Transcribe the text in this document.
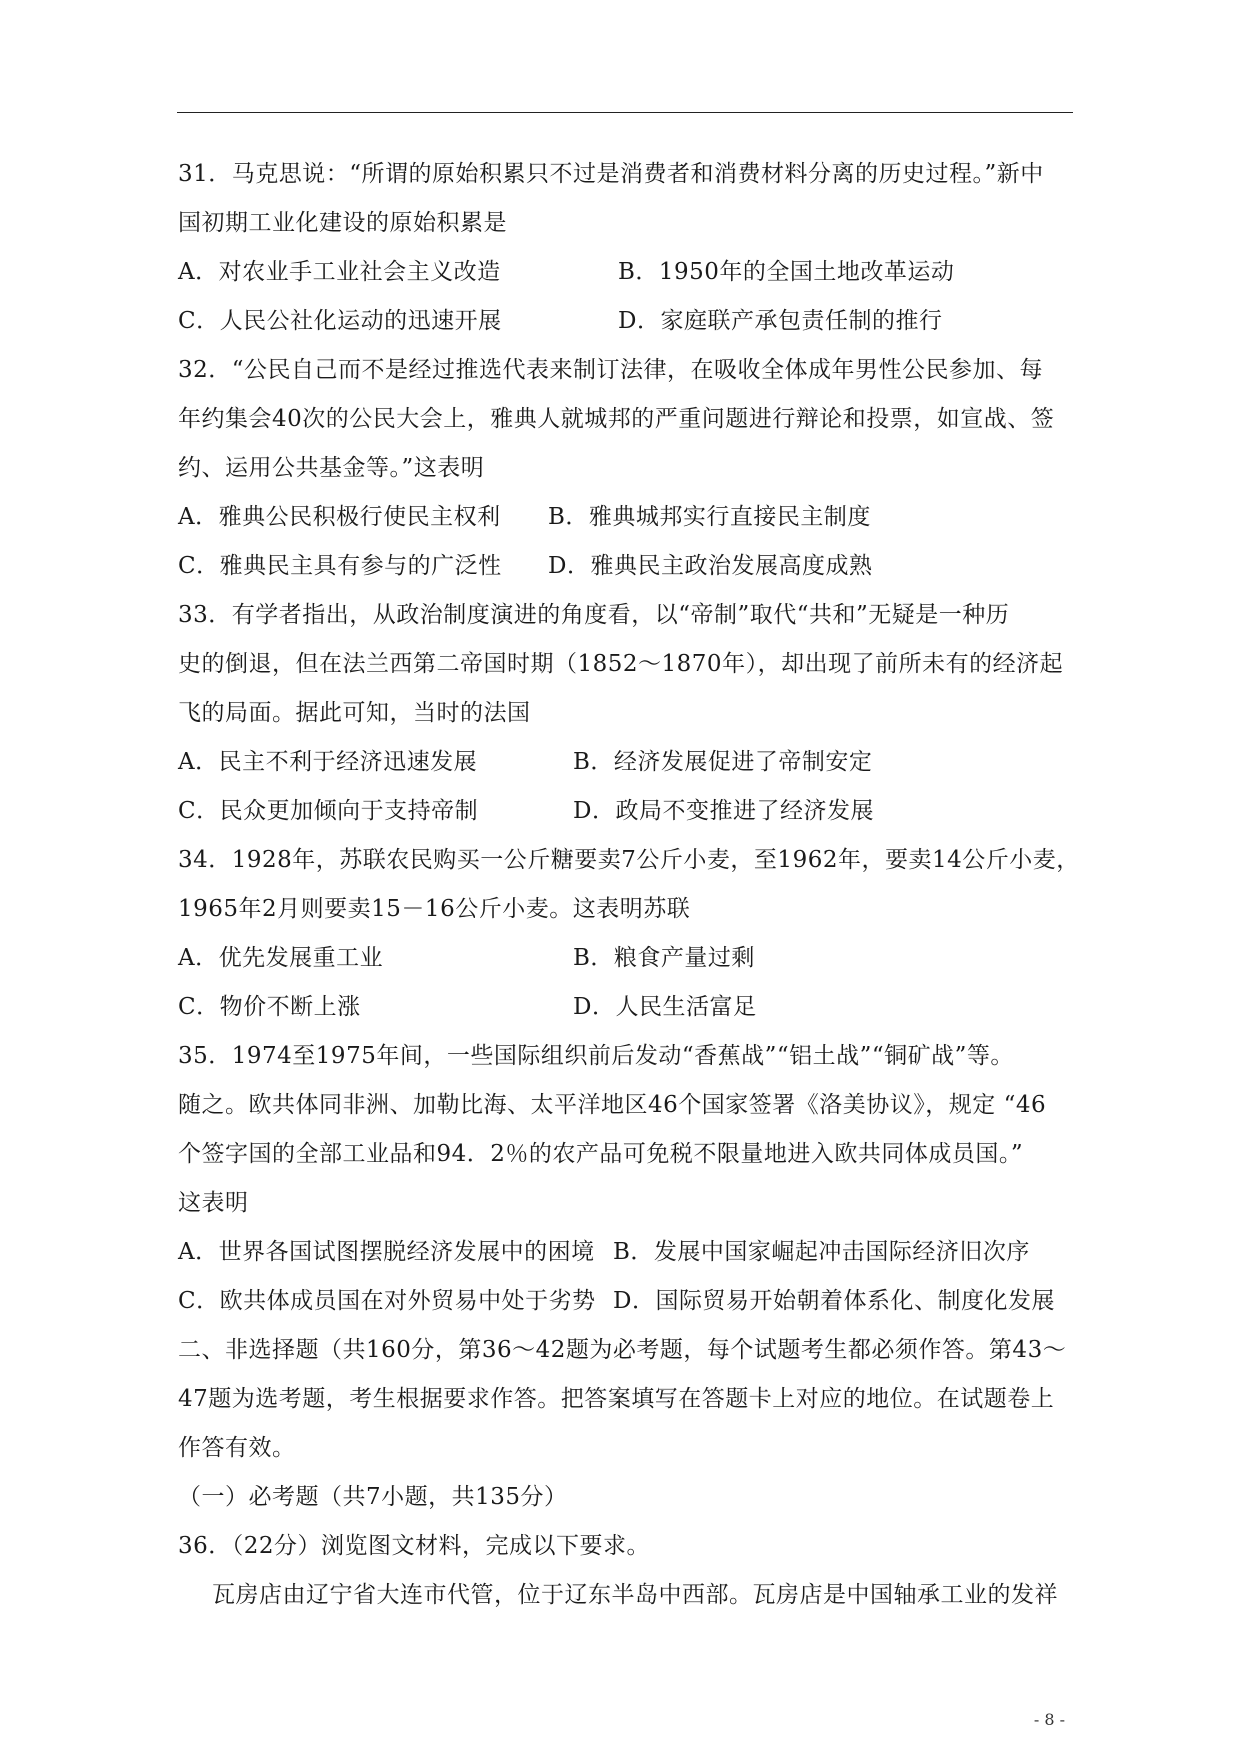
31．马克思说：“所谓的原始积累只不过是消费者和消费材料分离的历史过程。”新中
国初期工业化建设的原始积累是
A．对农业手工业社会主义改造	B．1950年的全国土地改革运动
C．人民公社化运动的迅速开展	D．家庭联产承包责任制的推行
32．“公民自己而不是经过推选代表来制订法律，在吸收全体成年男性公民参加、每
年约集会40次的公民大会上，雅典人就城邦的严重问题进行辩论和投票，如宣战、签
约、运用公共基金等。”这表明
A．雅典公民积极行使民主权利	B．雅典城邦实行直接民主制度
C．雅典民主具有参与的广泛性	D．雅典民主政治发展高度成熟
33．有学者指出，从政治制度演进的角度看，以“帝制”取代“共和”无疑是一种历
史的倒退，但在法兰西第二帝国时期（1852～1870年），却出现了前所未有的经济起
飞的局面。据此可知，当时的法国
A．民主不利于经济迅速发展	B．经济发展促进了帝制安定
C．民众更加倾向于支持帝制	D．政局不变推进了经济发展
34．1928年，苏联农民购买一公斤糖要卖7公斤小麦，至1962年，要卖14公斤小麦，
1965年2月则要卖15－16公斤小麦。这表明苏联
A．优先发展重工业	B．粮食产量过剩
C．物价不断上涨	D．人民生活富足
35．1974至1975年间，一些国际组织前后发动“香蕉战”“铝土战”“铜矿战”等。
随之。欧共体同非洲、加勒比海、太平洋地区46个国家签署《洛美协议》，规定 “46
个签字国的全部工业品和94．2％的农产品可免税不限量地进入欧共同体成员国。”
这表明
A．世界各国试图摆脱经济发展中的困境 B．发展中国家崛起冲击国际经济旧次序
C．欧共体成员国在对外贸易中处于劣势 D．国际贸易开始朝着体系化、制度化发展
二、非选择题（共160分，第36～42题为必考题，每个试题考生都必须作答。第43～
47题为选考题，考生根据要求作答。把答案填写在答题卡上对应的地位。在试题卷上
作答有效。
（一）必考题（共7小题，共135分）
36．（22分）浏览图文材料，完成以下要求。
瓦房店由辽宁省大连市代管，位于辽东半岛中西部。瓦房店是中国轴承工业的发祥
- 8 -
